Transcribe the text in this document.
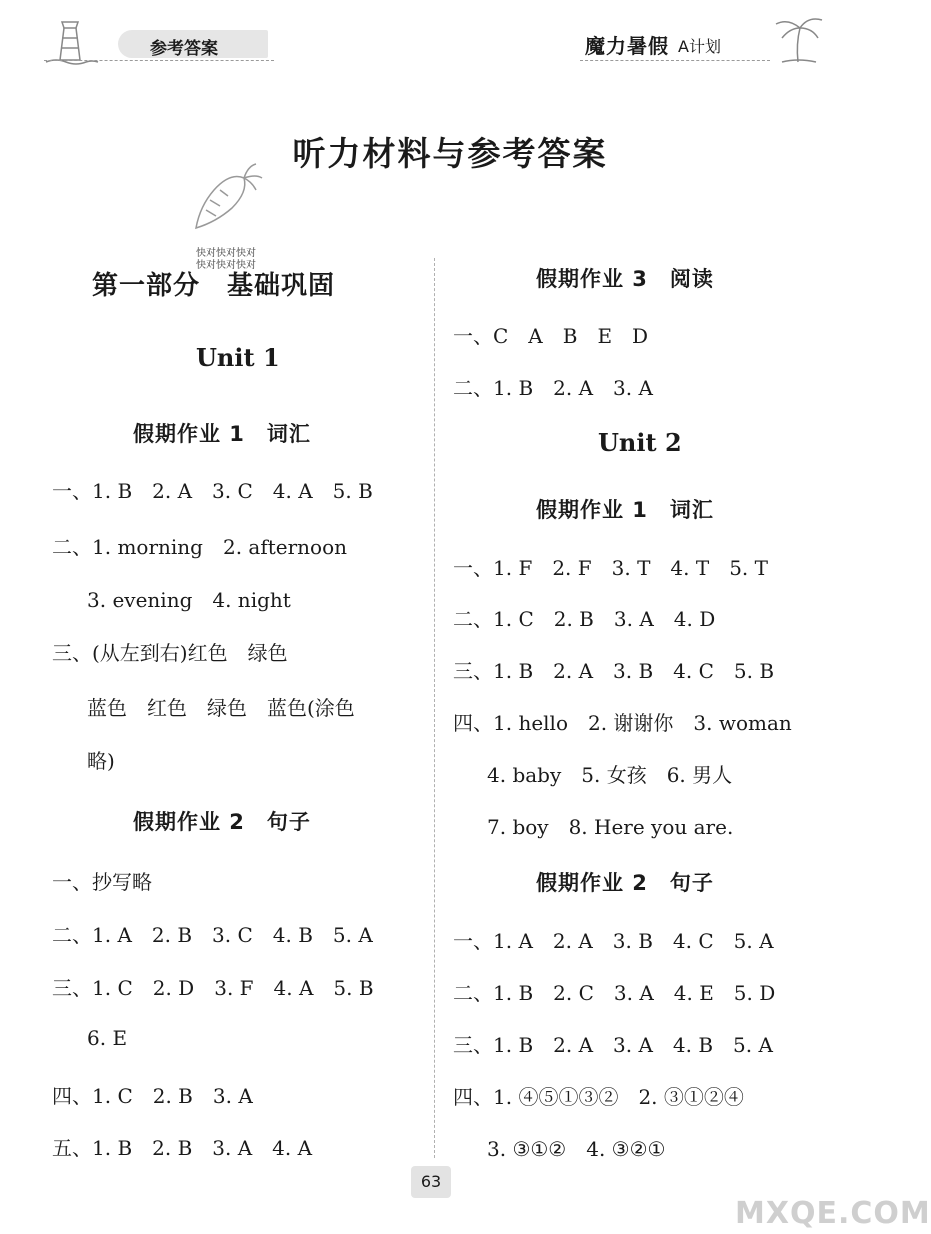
参考答案	魔力暑假 A计划
听力材料与参考答案
快对快对快对
快对快对快对
第一部分　基础巩固
Unit 1
假期作业 1　词汇
一、1. B　2. A　3. C　4. A　5. B
二、1. morning　2. afternoon
3. evening　4. night
三、(从左到右)红色　绿色
蓝色　红色　绿色　蓝色(涂色
略)
假期作业 2　句子
一、抄写略
二、1. A　2. B　3. C　4. B　5. A
三、1. C　2. D　3. F　4. A　5. B
6. E
四、1. C　2. B　3. A
五、1. B　2. B　3. A　4. A
假期作业 3　阅读
一、C　A　B　E　D
二、1. B　2. A　3. A
Unit 2
假期作业 1　词汇
一、1. F　2. F　3. T　4. T　5. T
二、1. C　2. B　3. A　4. D
三、1. B　2. A　3. B　4. C　5. B
四、1. hello　2. 谢谢你　3. woman
4. baby　5. 女孩　6. 男人
7. boy　8. Here you are.
假期作业 2　句子
一、1. A　2. A　3. B　4. C　5. A
二、1. B　2. C　3. A　4. E　5. D
三、1. B　2. A　3. A　4. B　5. A
四、1. ④⑤①③②　2. ③①②④
3. ③①②　4. ③②①
63
MXQE.COM
